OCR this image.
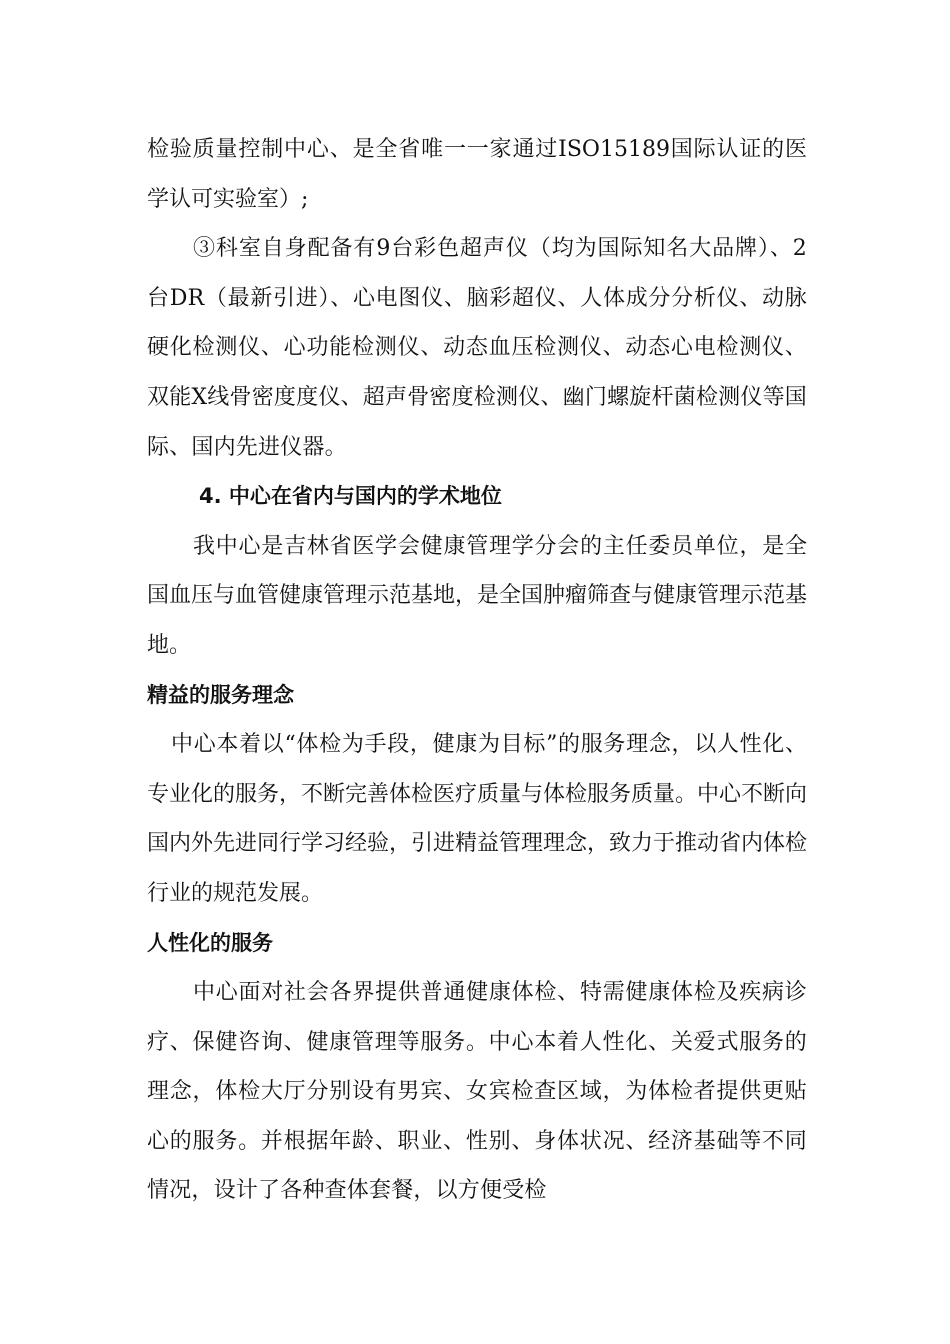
检验质量控制中心、是全省唯一一家通过ISO15189国际认证的医学认可实验室）;

③科室自身配备有9台彩色超声仪（均为国际知名大品牌）、2台DR（最新引进）、心电图仪、脑彩超仪、人体成分分析仪、动脉硬化检测仪、心功能检测仪、动态血压检测仪、动态心电检测仪、双能X线骨密度度仪、超声骨密度检测仪、幽门螺旋杆菌检测仪等国际、国内先进仪器。

4. 中心在省内与国内的学术地位

我中心是吉林省医学会健康管理学分会的主任委员单位，是全国血压与血管健康管理示范基地，是全国肿瘤筛查与健康管理示范基地。

精益的服务理念

中心本着以“体检为手段，健康为目标”的服务理念，以人性化、专业化的服务，不断完善体检医疗质量与体检服务质量。中心不断向国内外先进同行学习经验，引进精益管理理念，致力于推动省内体检行业的规范发展。

人性化的服务

中心面对社会各界提供普通健康体检、特需健康体检及疾病诊疗、保健咨询、健康管理等服务。中心本着人性化、关爱式服务的理念，体检大厅分别设有男宾、女宾检查区域，为体检者提供更贴心的服务。并根据年龄、职业、性别、身体状况、经济基础等不同情况，设计了各种查体套餐，以方便受检
